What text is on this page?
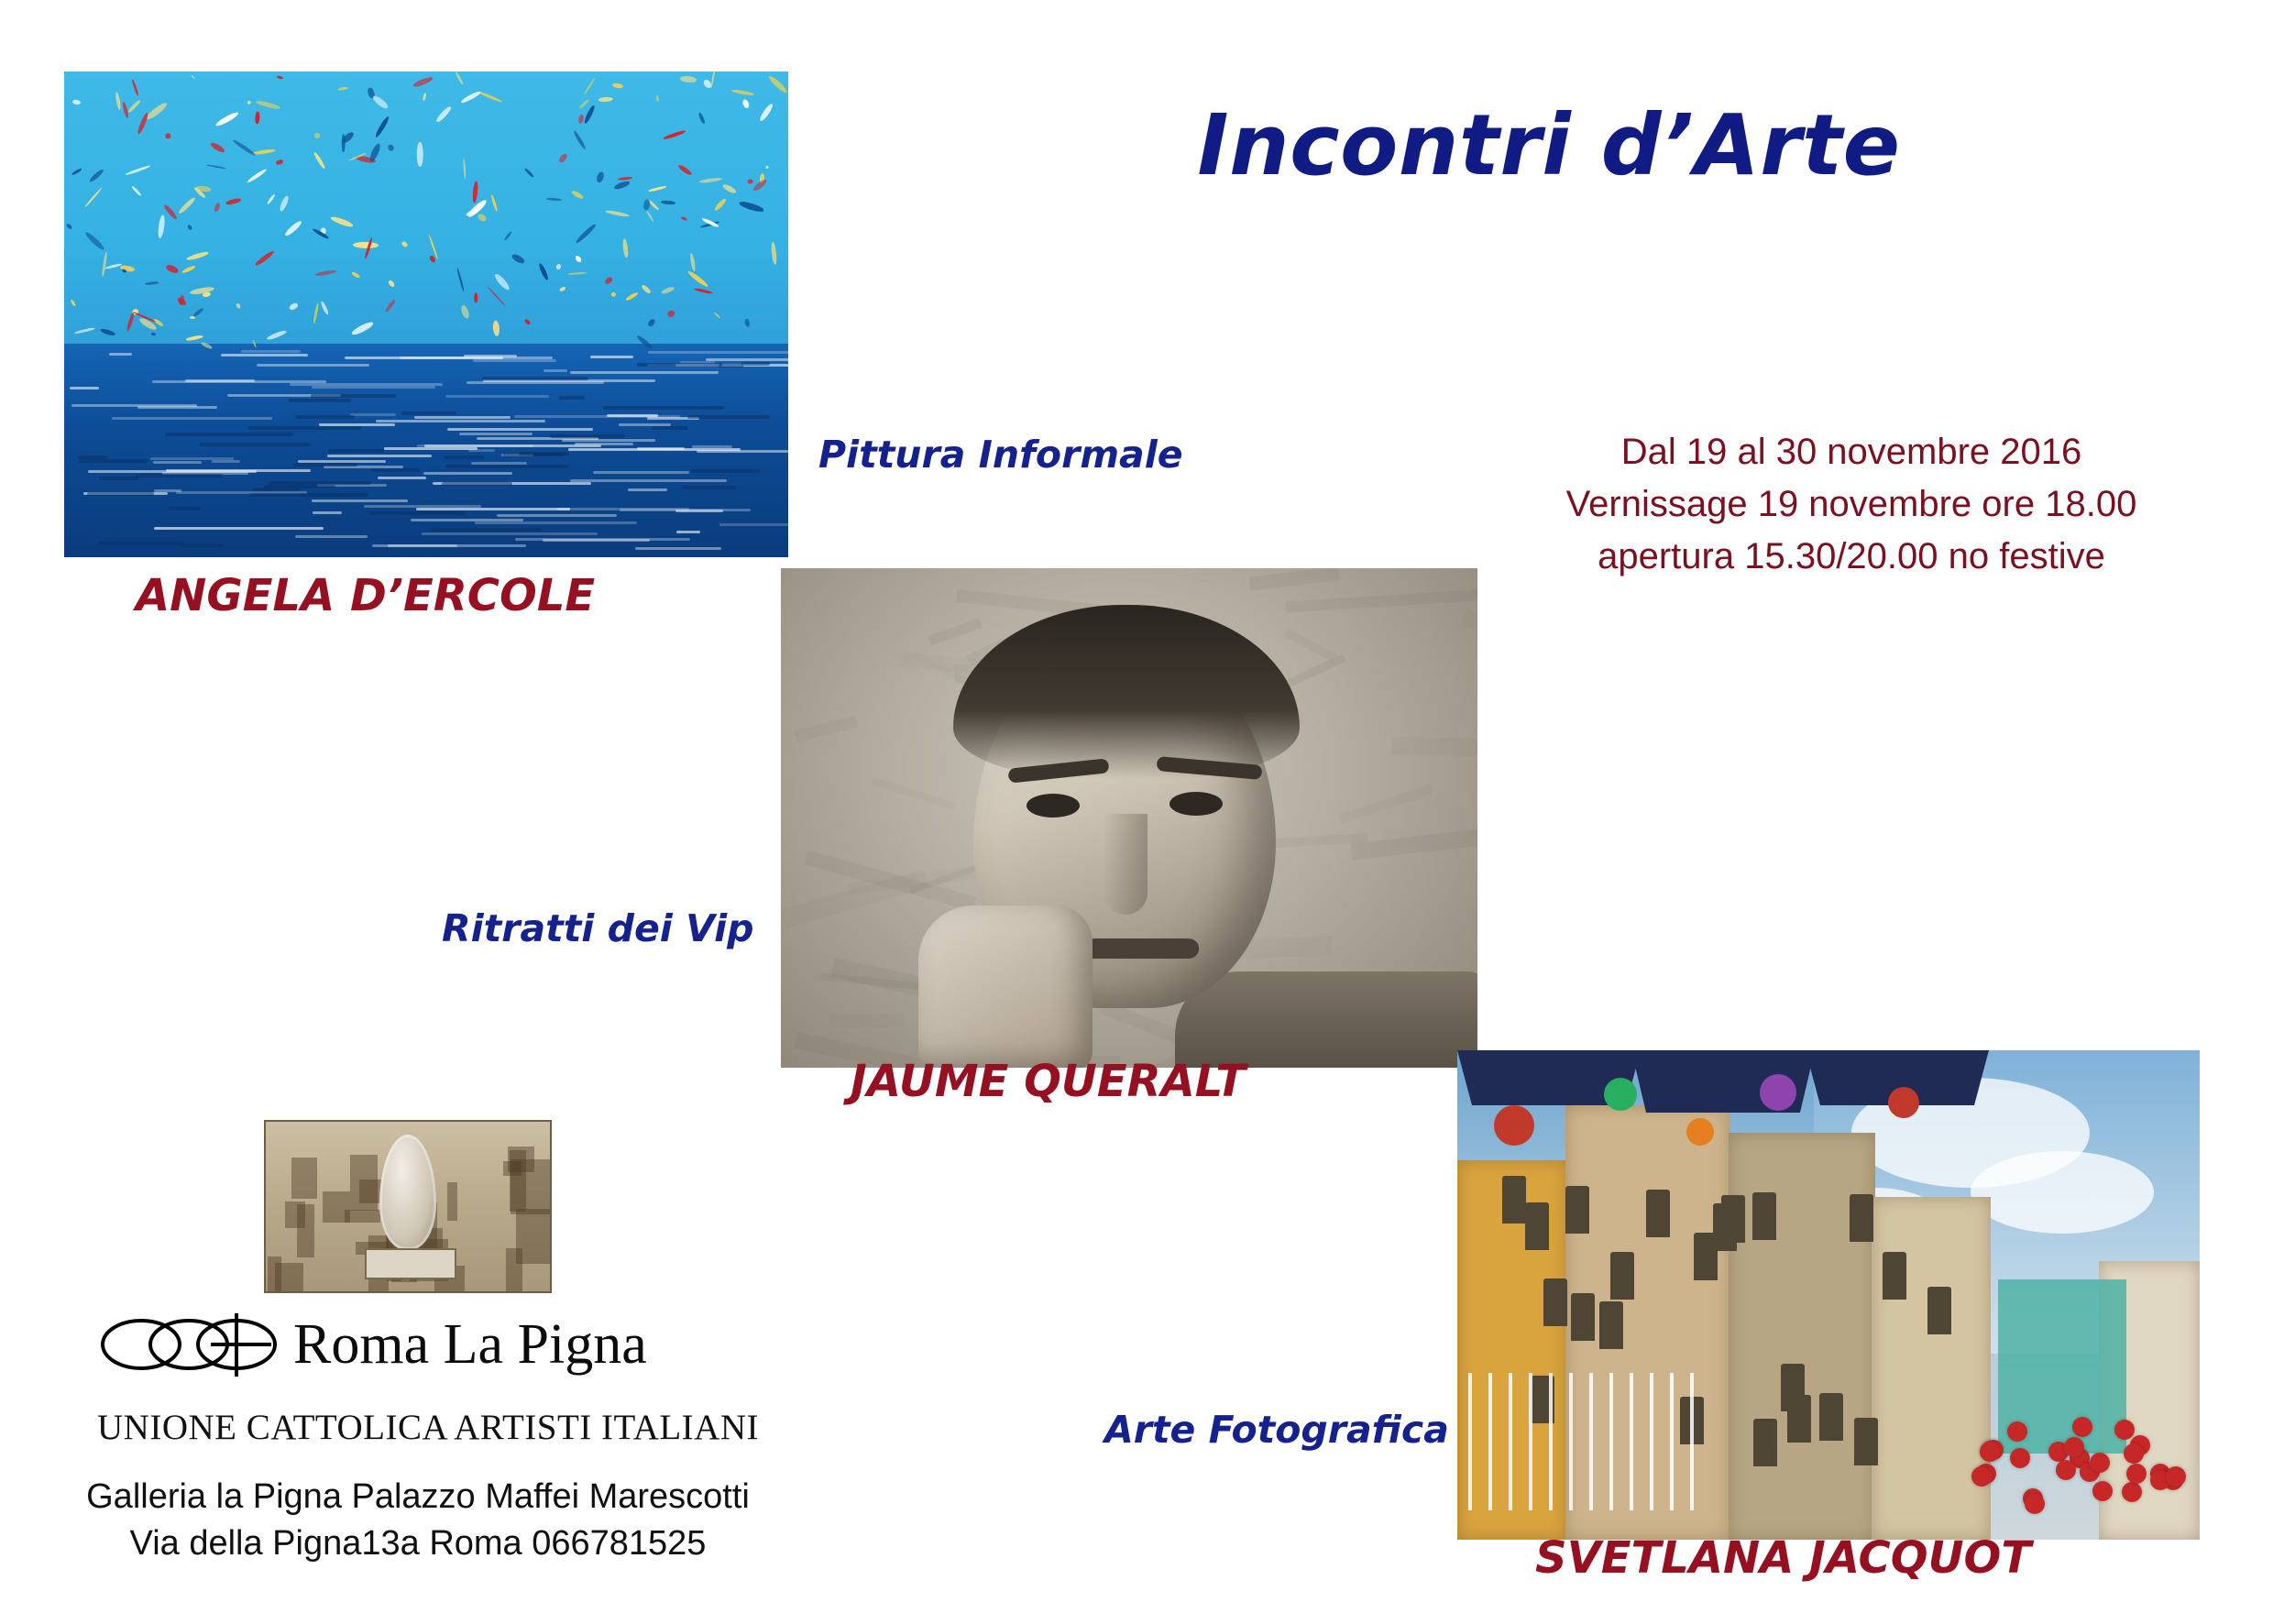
Incontri d’Arte
Dal 19 al 30 novembre 2016
Vernissage 19 novembre ore 18.00
apertura 15.30/20.00 no festive
ANGELA D’ERCOLE
Pittura Informale
Ritratti dei Vip
JAUME QUERALT
Arte Fotografica
SVETLANA JACQUOT
Roma La Pigna
UNIONE CATTOLICA ARTISTI ITALIANI
Galleria la Pigna Palazzo Maffei Marescotti
Via della Pigna13a Roma 066781525
